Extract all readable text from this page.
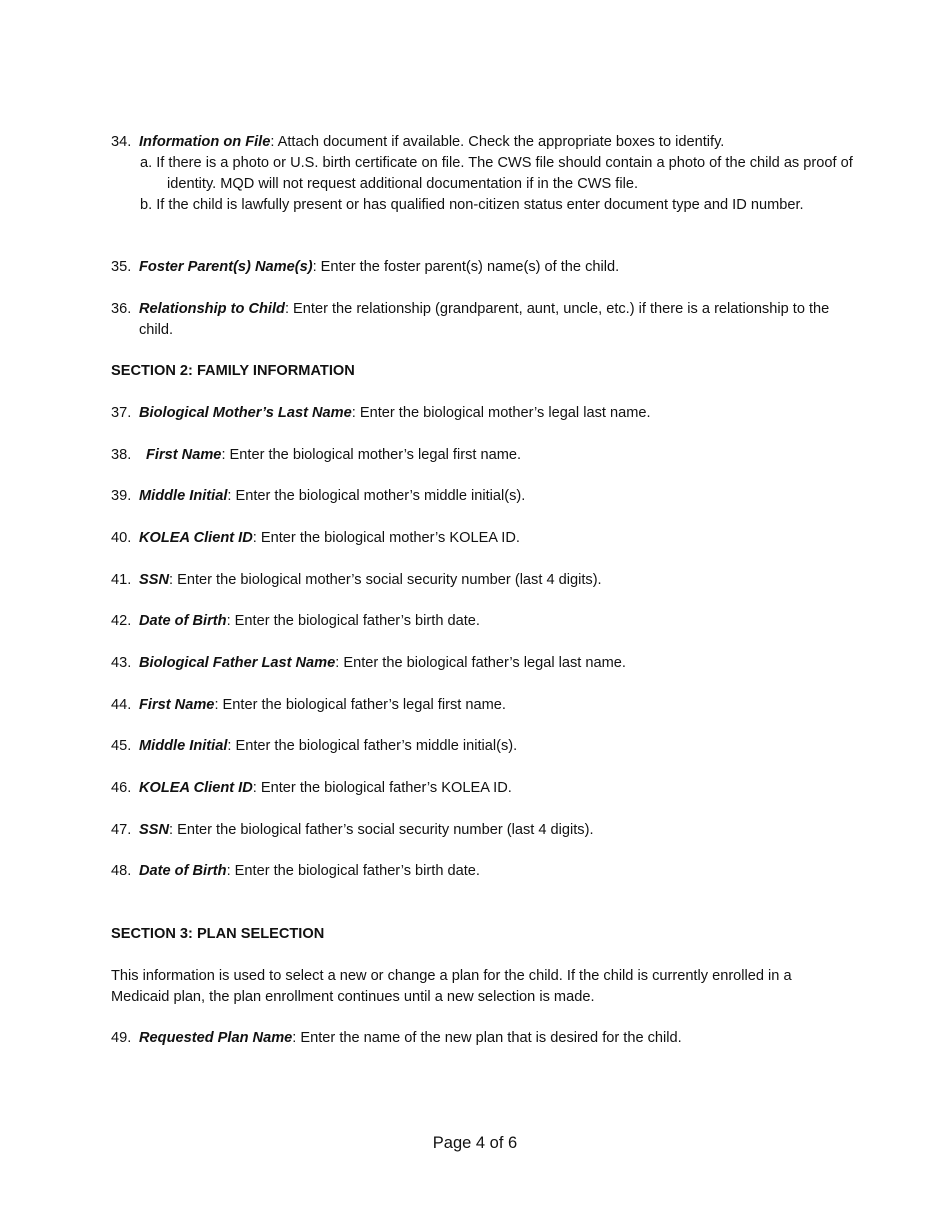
34. Information on File: Attach document if available. Check the appropriate boxes to identify.
a. If there is a photo or U.S. birth certificate on file. The CWS file should contain a photo of the child as proof of identity. MQD will not request additional documentation if in the CWS file.
b. If the child is lawfully present or has qualified non-citizen status enter document type and ID number.
35. Foster Parent(s) Name(s): Enter the foster parent(s) name(s) of the child.
36. Relationship to Child: Enter the relationship (grandparent, aunt, uncle, etc.) if there is a relationship to the child.
SECTION 2: FAMILY INFORMATION
37. Biological Mother’s Last Name: Enter the biological mother’s legal last name.
38.	First Name: Enter the biological mother’s legal first name.
39. Middle Initial: Enter the biological mother’s middle initial(s).
40. KOLEA Client ID: Enter the biological mother’s KOLEA ID.
41. SSN: Enter the biological mother’s social security number (last 4 digits).
42. Date of Birth: Enter the biological father’s birth date.
43. Biological Father Last Name: Enter the biological father’s legal last name.
44. First Name: Enter the biological father’s legal first name.
45. Middle Initial: Enter the biological father’s middle initial(s).
46. KOLEA Client ID: Enter the biological father’s KOLEA ID.
47. SSN: Enter the biological father’s social security number (last 4 digits).
48. Date of Birth: Enter the biological father’s birth date.
SECTION 3: PLAN SELECTION
This information is used to select a new or change a plan for the child. If the child is currently enrolled in a Medicaid plan, the plan enrollment continues until a new selection is made.
49. Requested Plan Name: Enter the name of the new plan that is desired for the child.
Page 4 of 6
